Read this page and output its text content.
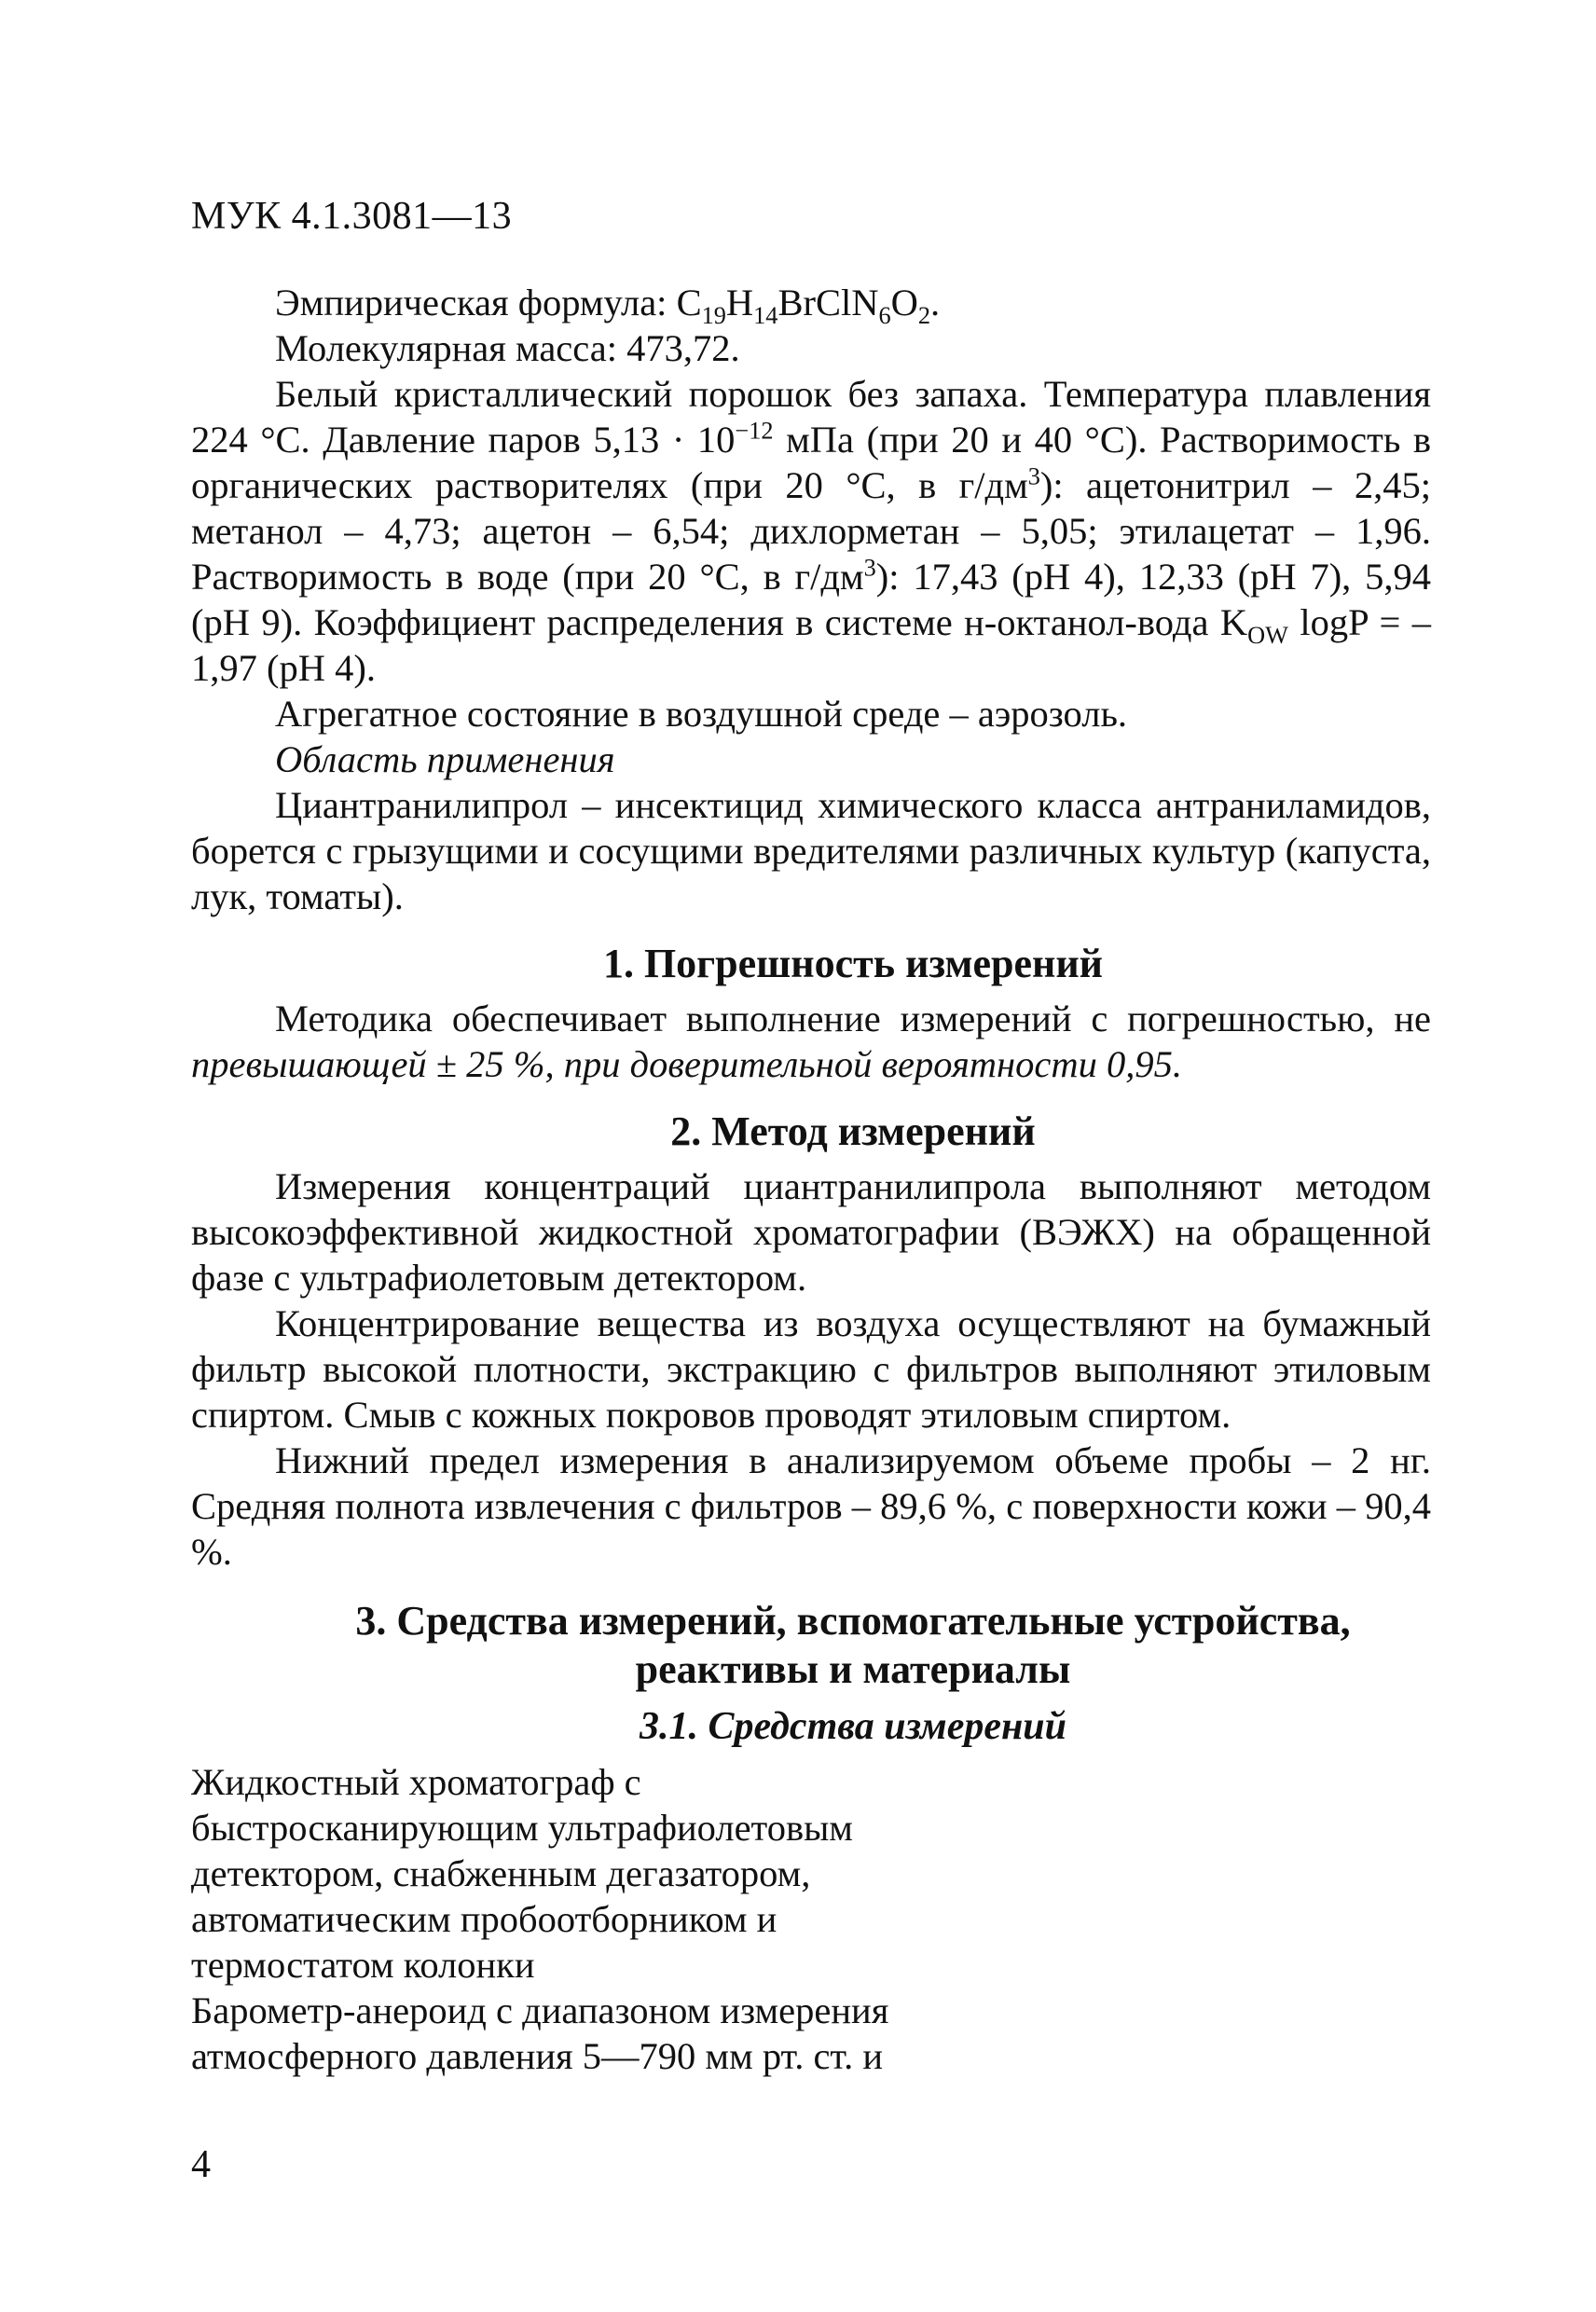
МУК 4.1.3081—13

Эмпирическая формула: $C_{19}H_{14}BrClN_6O_2$.

Молекулярная масса: 473,72.

Белый кристаллический порошок без запаха. Температура плавления 224 °C. Давление паров $5,13 \cdot 10^{-12}$ мПа (при 20 и 40 °C). Растворимость в органических растворителях (при 20 °C, в $г/дм^3$): ацетонитрил – 2,45; метанол – 4,73; ацетон – 6,54; дихлорметан – 5,05; этилацетат – 1,96. Растворимость в воде (при 20 °C, в $г/дм^3$): 17,43 (pH 4), 12,33 (pH 7), 5,94 (pH 9). Коэффициент распределения в системе н-октанол-вода $K_{OW}$ logP = –1,97 (pH 4).

Агрегатное состояние в воздушной среде – аэрозоль.

Область применения

Циантранилипрол – инсектицид химического класса антраниламидов, борется с грызущими и сосущими вредителями различных культур (капуста, лук, томаты).

1. Погрешность измерений

Методика обеспечивает выполнение измерений с погрешностью, не превышающей ± 25 %, при доверительной вероятности 0,95.

2. Метод измерений

Измерения концентраций циантранилипрола выполняют методом высокоэффективной жидкостной хроматографии (ВЭЖХ) на обращенной фазе с ультрафиолетовым детектором.

Концентрирование вещества из воздуха осуществляют на бумажный фильтр высокой плотности, экстракцию с фильтров выполняют этиловым спиртом. Смыв с кожных покровов проводят этиловым спиртом.

Нижний предел измерения в анализируемом объеме пробы – 2 нг. Средняя полнота извлечения с фильтров – 89,6 %, с поверхности кожи – 90,4 %.

3. Средства измерений, вспомогательные устройства,

реактивы и материалы

3.1. Средства измерений

Жидкостный хроматограф с быстросканирующим ультрафиолетовым детектором, снабженным дегазатором, автоматическим пробоотборником и термостатом колонки

Барометр-анероид с диапазоном измерения атмосферного давления 5—790 мм рт. ст. и

4
